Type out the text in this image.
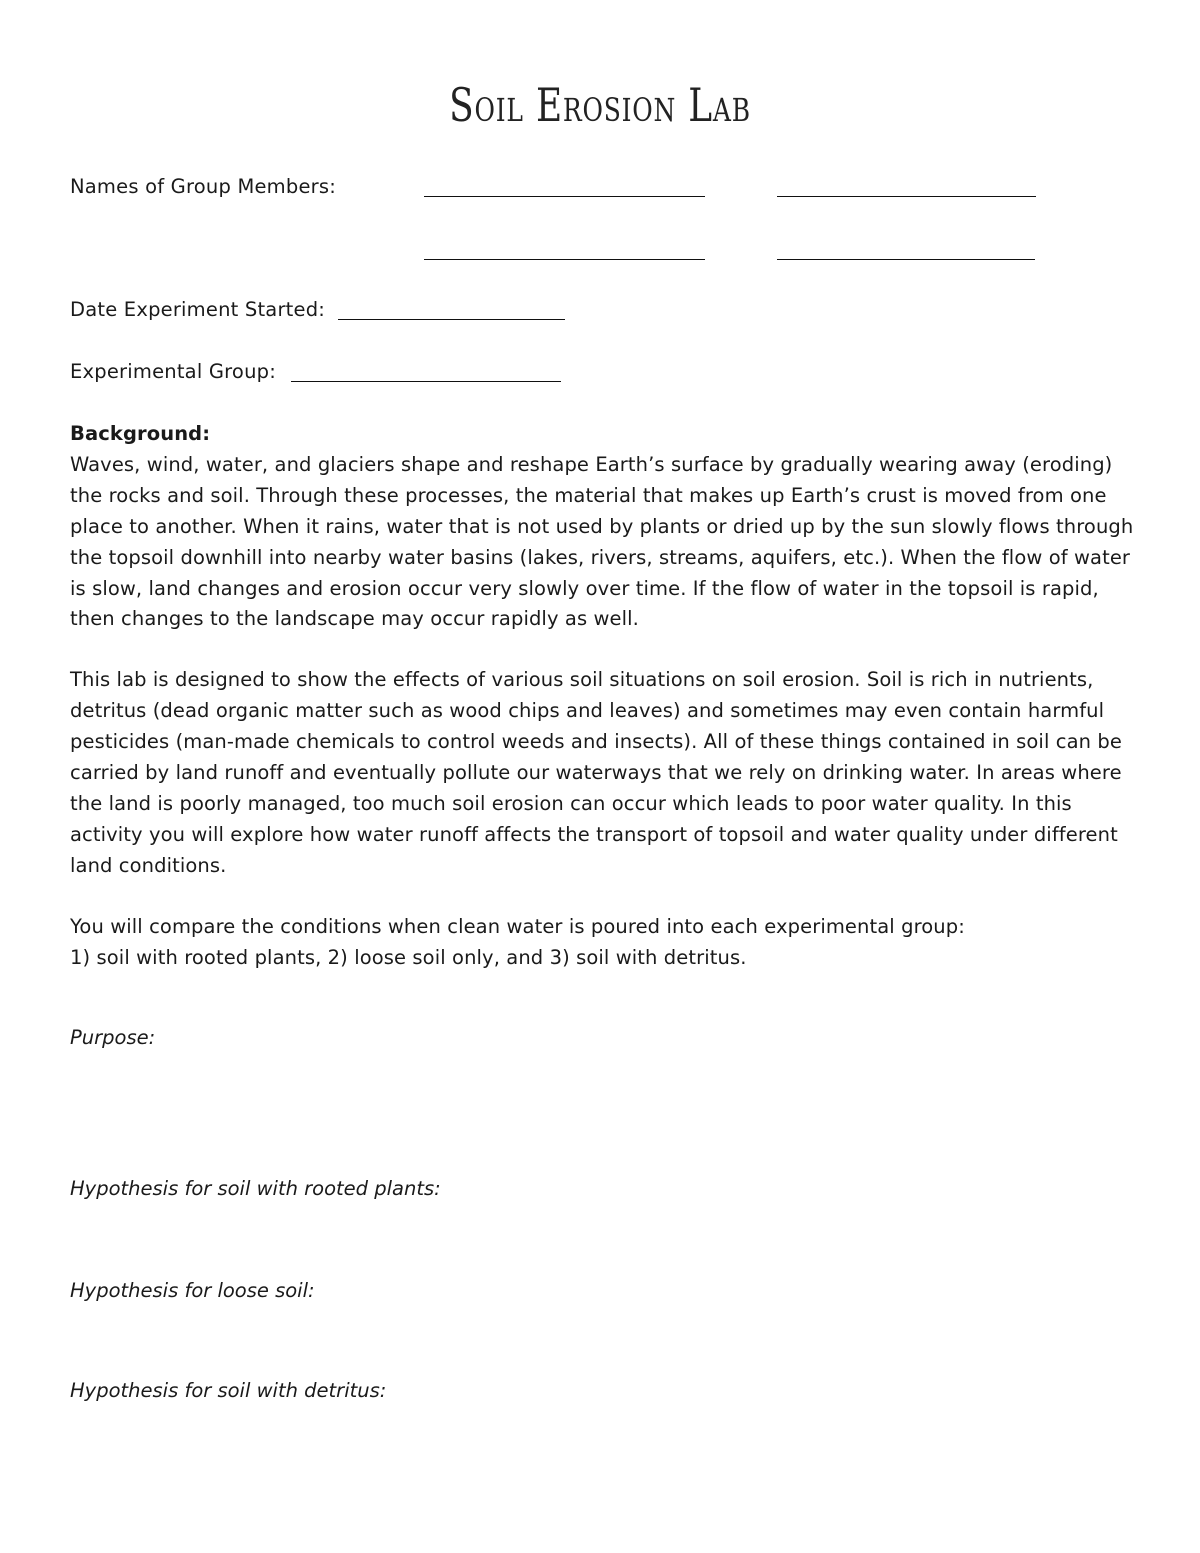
Soil Erosion Lab
Names of Group Members:
Date Experiment Started:
Experimental Group:

Background:

Waves, wind, water, and glaciers shape and reshape Earth’s surface by gradually wearing away (eroding) the rocks and soil. Through these processes, the material that makes up Earth’s crust is moved from one place to another. When it rains, water that is not used by plants or dried up by the sun slowly flows through the topsoil downhill into nearby water basins (lakes, rivers, streams, aquifers, etc.). When the flow of water is slow, land changes and erosion occur very slowly over time. If the flow of water in the topsoil is rapid, then changes to the landscape may occur rapidly as well.

This lab is designed to show the effects of various soil situations on soil erosion. Soil is rich in nutrients, detritus (dead organic matter such as wood chips and leaves) and sometimes may even contain harmful pesticides (man-made chemicals to control weeds and insects). All of these things contained in soil can be carried by land runoff and eventually pollute our waterways that we rely on drinking water. In areas where the land is poorly managed, too much soil erosion can occur which leads to poor water quality. In this activity you will explore how water runoff affects the transport of topsoil and water quality under different land conditions.

You will compare the conditions when clean water is poured into each experimental group:

1) soil with rooted plants, 2) loose soil only, and 3) soil with detritus.

Purpose:
Hypothesis for soil with rooted plants:
Hypothesis for loose soil:
Hypothesis for soil with detritus:
